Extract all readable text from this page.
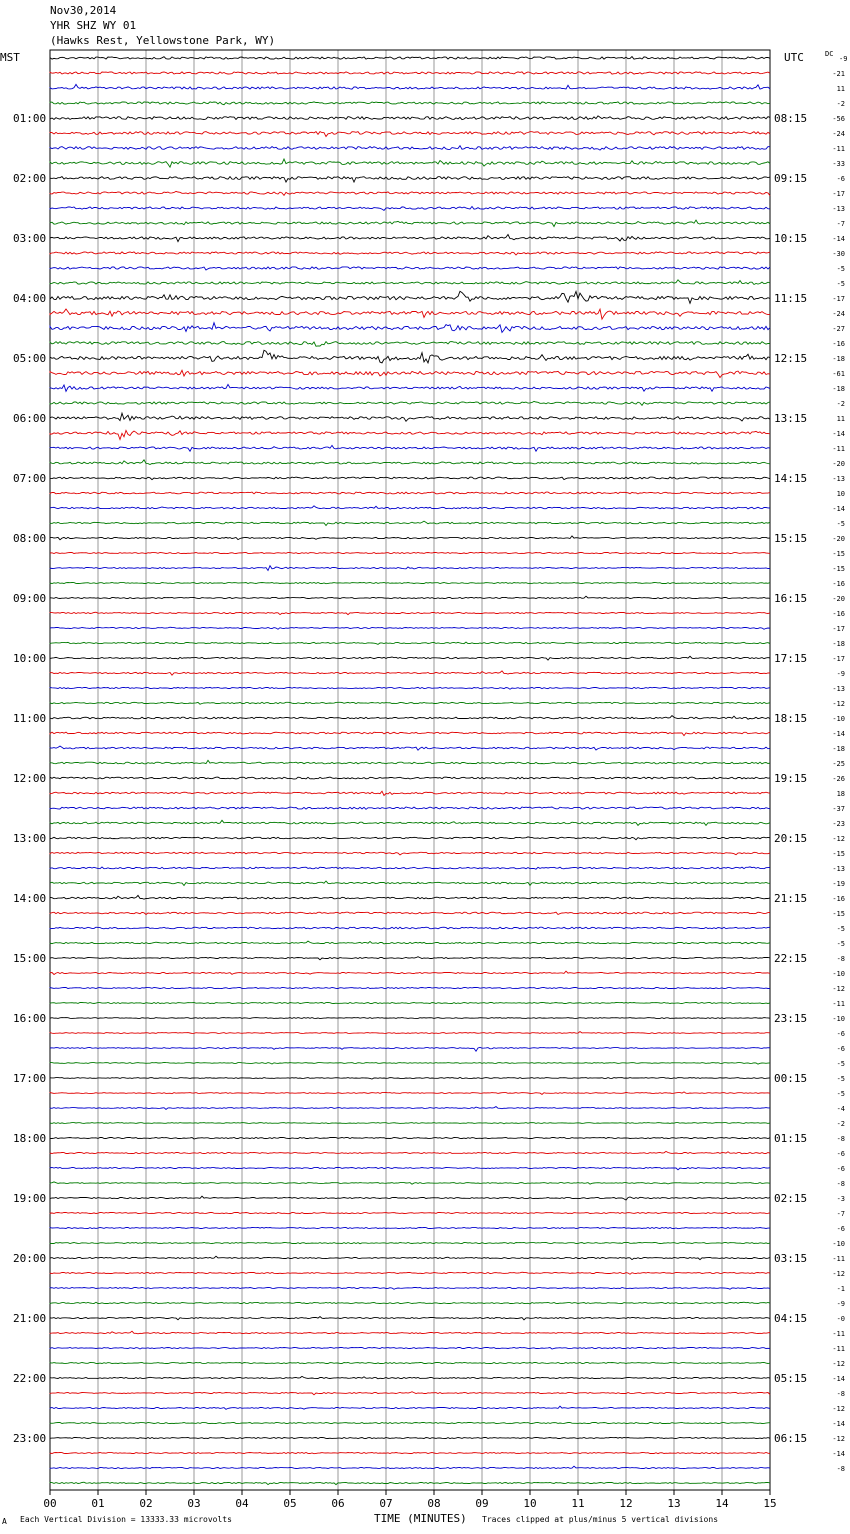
Nov30,2014
YHR SHZ WY 01
(Hawks Rest, Yellowstone Park, WY)
MST	UTC
01:00	08:15
02:00	09:15
03:00	10:15
04:00	11:15
05:00	12:15
06:00	13:15
07:00	14:15
08:00	15:15
09:00	16:15
10:00	17:15
11:00	18:15
12:00	19:15
13:00	20:15
14:00	21:15
15:00	22:15
16:00	23:15
17:00	00:15
18:00	01:15
19:00	02:15
20:00	03:15
21:00	04:15
22:00	05:15
23:00	06:15
DC
-9
-21
11
-2
-56
-24
-11
-33
-6
-17
-13
-7
-14
-30
-5
-5
-17
-24
-27
-16
-18
-61
-18
-2
11
-14
-11
-20
-13
10
-14
-5
-20
-15
-15
-16
-20
-16
-17
-18
-17
-9
-13
-12
-10
-14
-18
-25
-26
18
-37
-23
-12
-15
-13
-19
-16
-15
-5
-5
-8
-10
-12
-11
-10
-6
-6
-5
-5
-5
-4
-2
-8
-6
-6
-8
-3
-7
-6
-10
-11
-12
-1
-9
-0
-11
-11
-12
-14
-8
-12
-14
-12
-14
-8
00	01	02	03	04	05	06	07	08	09	10	11	12	13	14	15
A Each Vertical Division = 13333.33 microvolts	TIME (MINUTES) Traces clipped at plus/minus 5 vertical divisions
